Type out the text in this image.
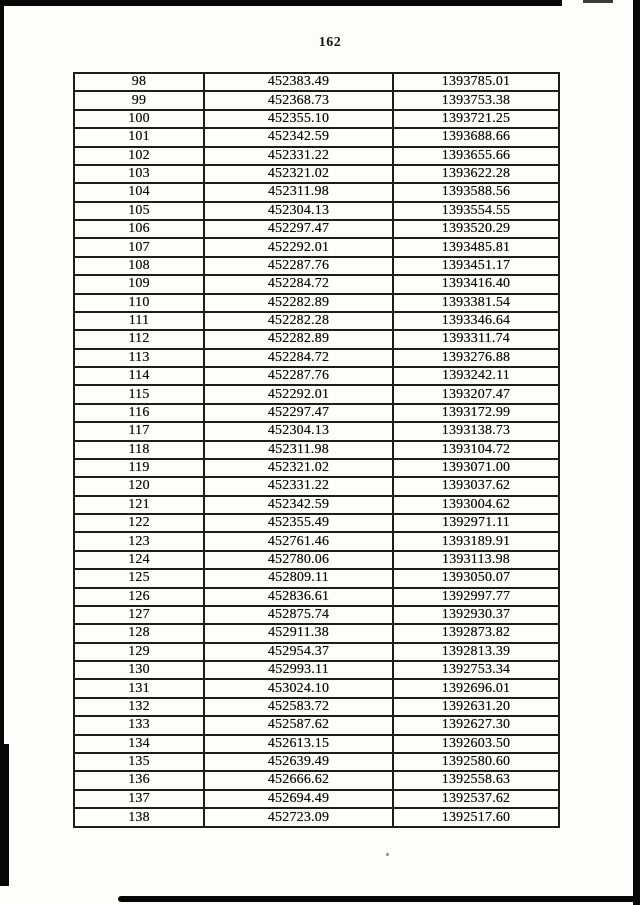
162
98	452383.49	1393785.01
99	452368.73	1393753.38
100	452355.10	1393721.25
101	452342.59	1393688.66
102	452331.22	1393655.66
103	452321.02	1393622.28
104	452311.98	1393588.56
105	452304.13	1393554.55
106	452297.47	1393520.29
107	452292.01	1393485.81
108	452287.76	1393451.17
109	452284.72	1393416.40
110	452282.89	1393381.54
111	452282.28	1393346.64
112	452282.89	1393311.74
113	452284.72	1393276.88
114	452287.76	1393242.11
115	452292.01	1393207.47
116	452297.47	1393172.99
117	452304.13	1393138.73
118	452311.98	1393104.72
119	452321.02	1393071.00
120	452331.22	1393037.62
121	452342.59	1393004.62
122	452355.49	1392971.11
123	452761.46	1393189.91
124	452780.06	1393113.98
125	452809.11	1393050.07
126	452836.61	1392997.77
127	452875.74	1392930.37
128	452911.38	1392873.82
129	452954.37	1392813.39
130	452993.11	1392753.34
131	453024.10	1392696.01
132	452583.72	1392631.20
133	452587.62	1392627.30
134	452613.15	1392603.50
135	452639.49	1392580.60
136	452666.62	1392558.63
137	452694.49	1392537.62
138	452723.09	1392517.60
